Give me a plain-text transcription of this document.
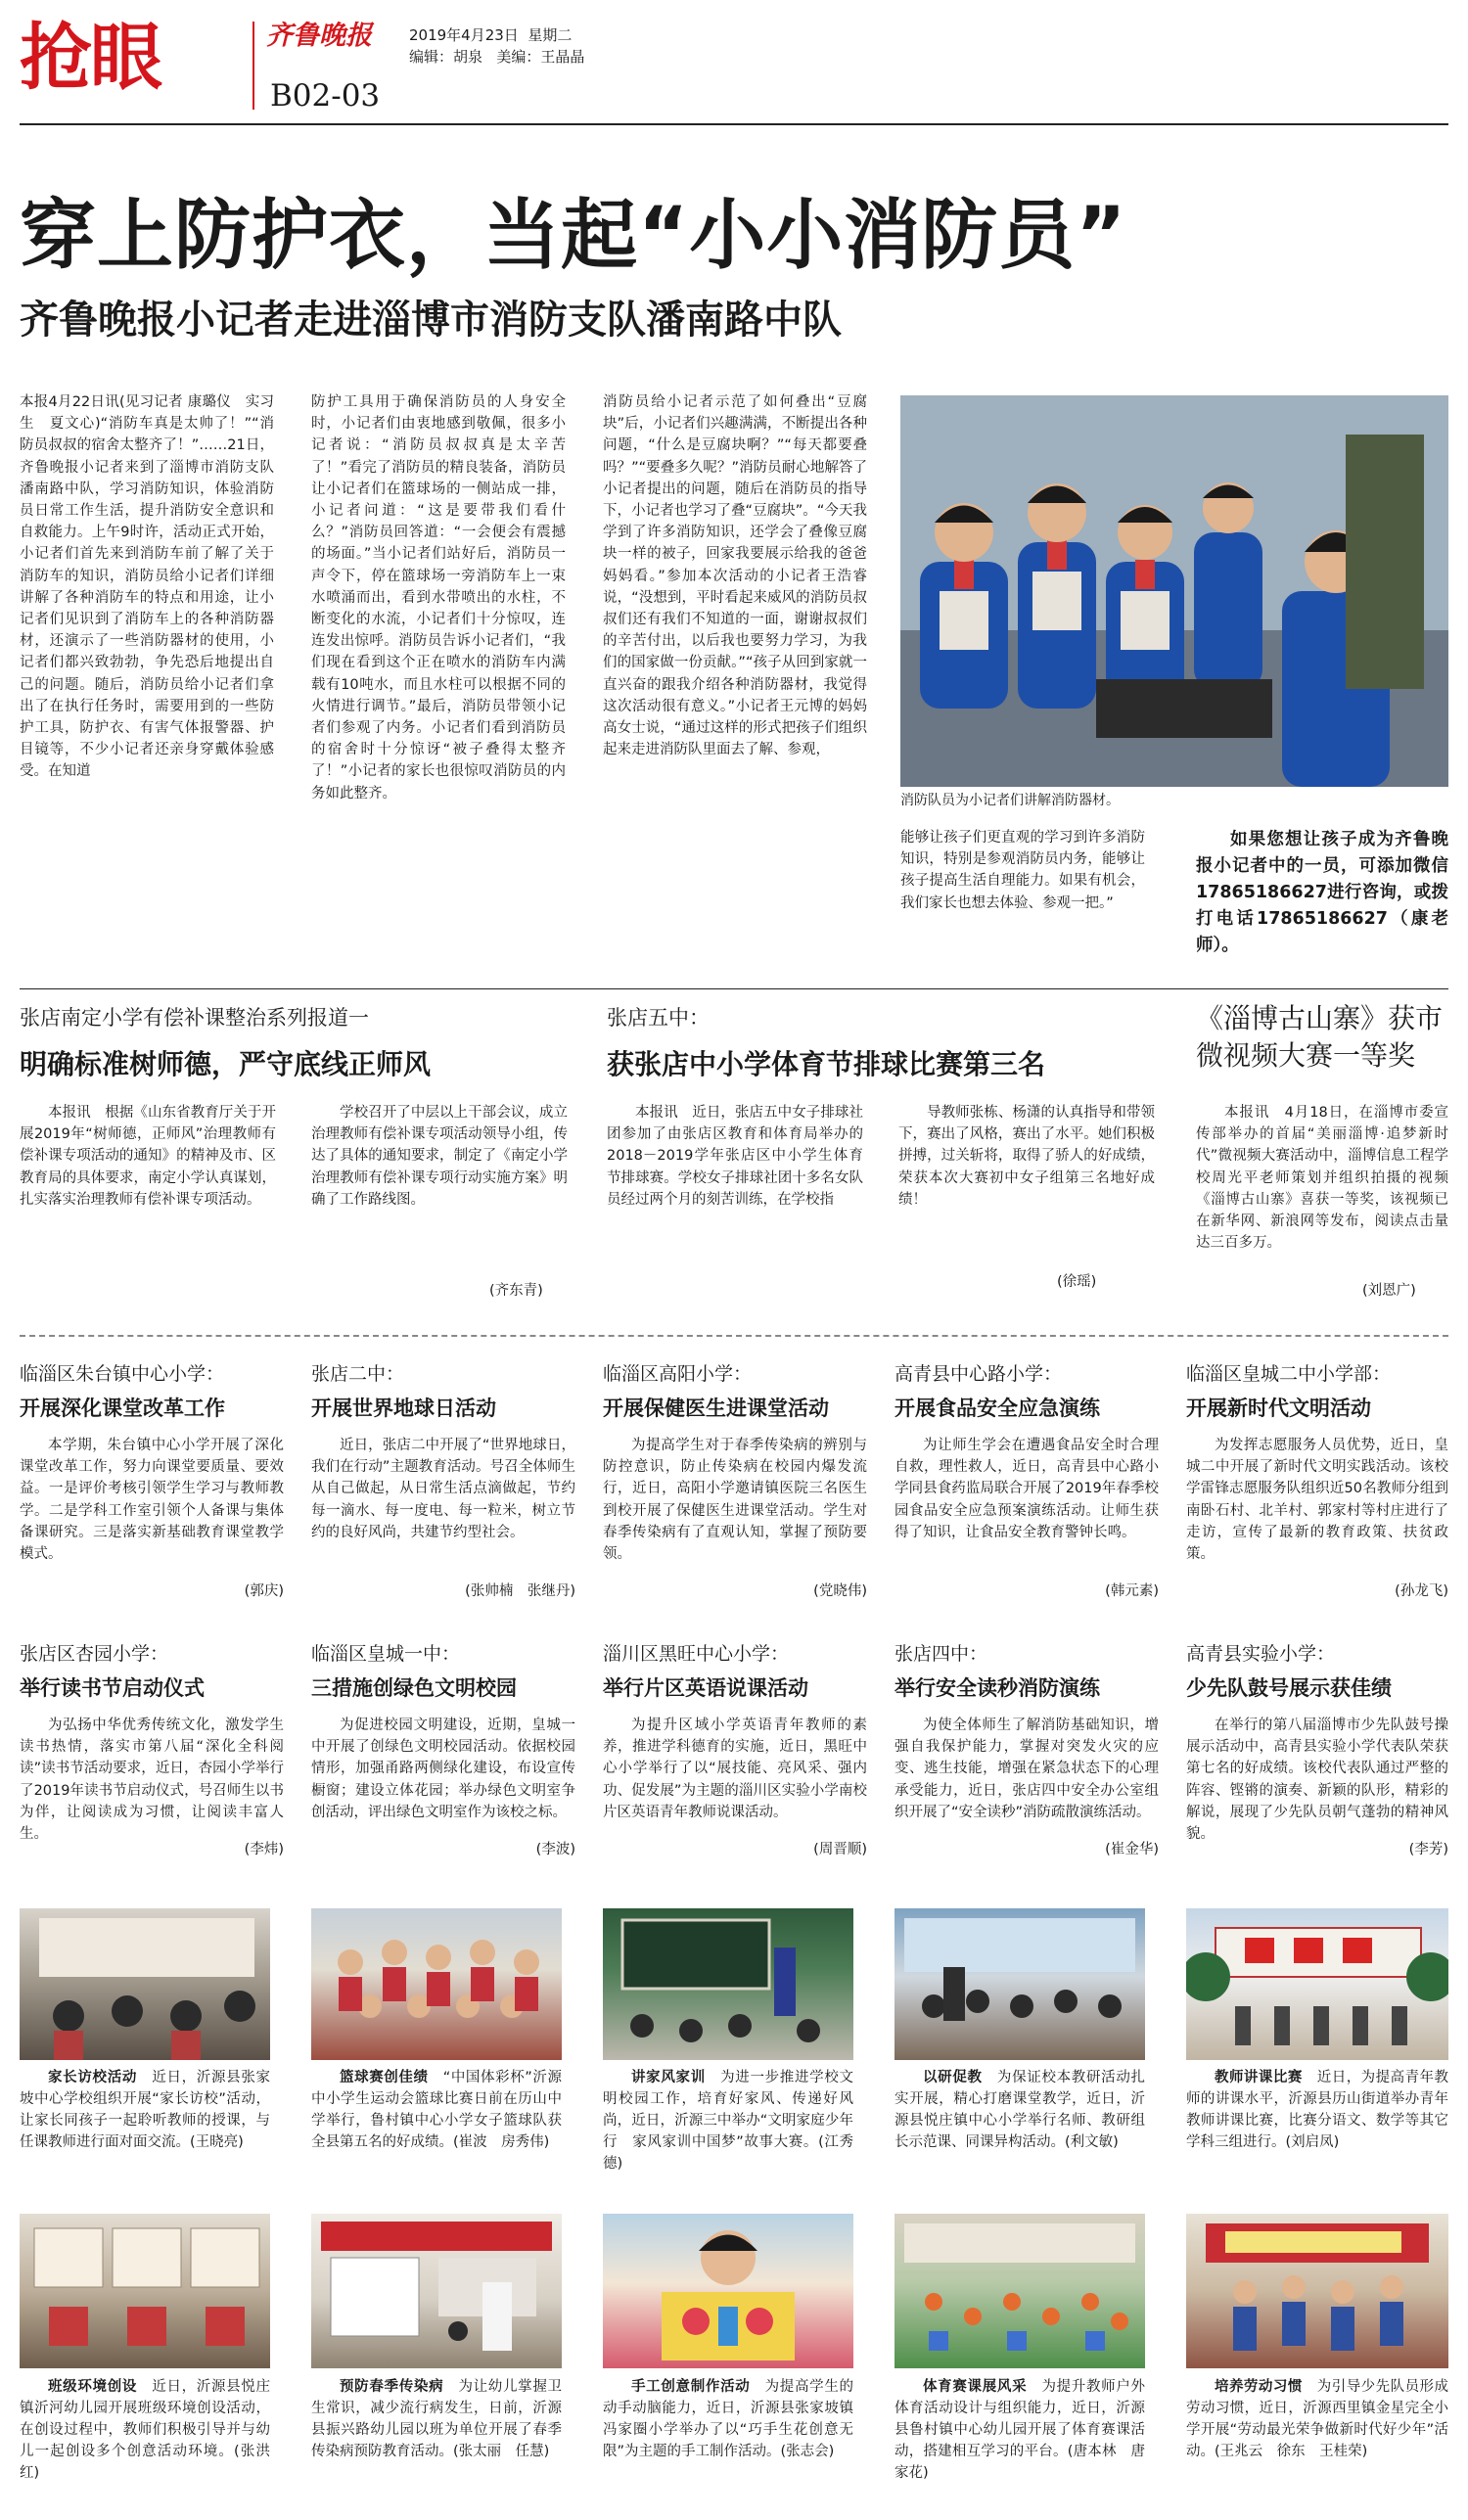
抢眼	齐鲁晚报	2019年4月23日 星期二
编辑：胡泉 美编：王晶晶
B02-03
穿上防护衣，当起“小小消防员”
齐鲁晚报小记者走进淄博市消防支队潘南路中队
本报4月22日讯(见习记者 康璐仪　实习生　夏文心)“消防车真是太帅了！”“消防员叔叔的宿舍太整齐了！”……21日，齐鲁晚报小记者来到了淄博市消防支队潘南路中队，学习消防知识，体验消防员日常工作生活，提升消防安全意识和自救能力。上午9时许，活动正式开始，小记者们首先来到消防车前了解了关于消防车的知识，消防员给小记者们详细讲解了各种消防车的特点和用途，让小记者们见识到了消防车上的各种消防器材，还演示了一些消防器材的使用，小记者们都兴致勃勃，争先恐后地提出自己的问题。随后，消防员给小记者们拿出了在执行任务时，需要用到的一些防护工具，防护衣、有害气体报警器、护目镜等，不少小记者还亲身穿戴体验感受。在知道
防护工具用于确保消防员的人身安全时，小记者们由衷地感到敬佩，很多小记者说：“消防员叔叔真是太辛苦了！”看完了消防员的精良装备，消防员让小记者们在篮球场的一侧站成一排，小记者问道：“这是要带我们看什么？”消防员回答道：“一会便会有震撼的场面。”当小记者们站好后，消防员一声令下，停在篮球场一旁消防车上一束水喷涌而出，看到水带喷出的水柱，不断变化的水流，小记者们十分惊叹，连连发出惊呼。消防员告诉小记者们，“我们现在看到这个正在喷水的消防车内满载有10吨水，而且水柱可以根据不同的火情进行调节。”最后，消防员带领小记者们参观了内务。小记者们看到消防员的宿舍时十分惊讶“被子叠得太整齐了！”小记者的家长也很惊叹消防员的内务如此整齐。
消防员给小记者示范了如何叠出“豆腐块”后，小记者们兴趣满满，不断提出各种问题，“什么是豆腐块啊？”“每天都要叠吗？”“要叠多久呢？”消防员耐心地解答了小记者提出的问题，随后在消防员的指导下，小记者也学习了叠“豆腐块”。“今天我学到了许多消防知识，还学会了叠像豆腐块一样的被子，回家我要展示给我的爸爸妈妈看。”参加本次活动的小记者王浩睿说，“没想到，平时看起来威风的消防员叔叔们还有我们不知道的一面，谢谢叔叔们的辛苦付出，以后我也要努力学习，为我们的国家做一份贡献。”“孩子从回到家就一直兴奋的跟我介绍各种消防器材，我觉得这次活动很有意义。”小记者王元博的妈妈高女士说，“通过这样的形式把孩子们组织起来走进消防队里面去了解、参观，
消防队员为小记者们讲解消防器材。
能够让孩子们更直观的学习到许多消防知识，特别是参观消防员内务，能够让孩子提高生活自理能力。如果有机会，我们家长也想去体验、参观一把。”
如果您想让孩子成为齐鲁晚报小记者中的一员，可添加微信17865186627进行咨询，或拨打电话17865186627（康老师）。
张店南定小学有偿补课整治系列报道一
明确标准树师德，严守底线正师风
本报讯　根据《山东省教育厅关于开展2019年“树师德，正师风”治理教师有偿补课专项活动的通知》的精神及市、区教育局的具体要求，南定小学认真谋划，扎实落实治理教师有偿补课专项活动。
学校召开了中层以上干部会议，成立治理教师有偿补课专项活动领导小组，传达了具体的通知要求，制定了《南定小学治理教师有偿补课专项行动实施方案》明确了工作路线图。
(齐东青)
张店五中：
获张店中小学体育节排球比赛第三名
本报讯　近日，张店五中女子排球社团参加了由张店区教育和体育局举办的2018－2019学年张店区中小学生体育节排球赛。学校女子排球社团十多名女队员经过两个月的刻苦训练，在学校指
导教师张栋、杨潇的认真指导和带领下，赛出了风格，赛出了水平。她们积极拼搏，过关斩将，取得了骄人的好成绩，荣获本次大赛初中女子组第三名地好成绩！
(徐瑶)
《淄博古山寨》获市微视频大赛一等奖
本报讯　4月18日，在淄博市委宣传部举办的首届“美丽淄博·追梦新时代”微视频大赛活动中，淄博信息工程学校周光平老师策划并组织拍摄的视频《淄博古山寨》喜获一等奖，该视频已在新华网、新浪网等发布，阅读点击量达三百多万。
(刘恩广)
临淄区朱台镇中心小学：
开展深化课堂改革工作
本学期，朱台镇中心小学开展了深化课堂改革工作，努力向课堂要质量、要效益。一是评价考核引领学生学习与教师教学。二是学科工作室引领个人备课与集体备课研究。三是落实新基础教育课堂教学模式。
(郭庆)
张店二中：
开展世界地球日活动
近日，张店二中开展了“世界地球日，我们在行动”主题教育活动。号召全体师生从自己做起，从日常生活点滴做起，节约每一滴水、每一度电、每一粒米，树立节约的良好风尚，共建节约型社会。
(张帅楠　张继丹)
临淄区高阳小学：
开展保健医生进课堂活动
为提高学生对于春季传染病的辨别与防控意识，防止传染病在校园内爆发流行，近日，高阳小学邀请镇医院三名医生到校开展了保健医生进课堂活动。学生对春季传染病有了直观认知，掌握了预防要领。
(党晓伟)
高青县中心路小学：
开展食品安全应急演练
为让师生学会在遭遇食品安全时合理自救，理性救人，近日，高青县中心路小学同县食药监局联合开展了2019年春季校园食品安全应急预案演练活动。让师生获得了知识，让食品安全教育警钟长鸣。
(韩元素)
临淄区皇城二中小学部：
开展新时代文明活动
为发挥志愿服务人员优势，近日，皇城二中开展了新时代文明实践活动。该校学雷锋志愿服务队组织近50名教师分组到南卧石村、北羊村、郭家村等村庄进行了走访，宣传了最新的教育政策、扶贫政策。
(孙龙飞)
张店区杏园小学：
举行读书节启动仪式
为弘扬中华优秀传统文化，激发学生读书热情，落实市第八届“深化全科阅读”读书节活动要求，近日，杏园小学举行了2019年读书节启动仪式，号召师生以书为伴，让阅读成为习惯，让阅读丰富人生。
(李炜)
临淄区皇城一中：
三措施创绿色文明校园
为促进校园文明建设，近期，皇城一中开展了创绿色文明校园活动。依据校园情形，加强甬路两侧绿化建设，布设宣传橱窗；建设立体花园；举办绿色文明室争创活动，评出绿色文明室作为该校之标。
(李波)
淄川区黑旺中心小学：
举行片区英语说课活动
为提升区域小学英语青年教师的素养，推进学科德育的实施，近日，黑旺中心小学举行了以“展技能、亮风采、强内功、促发展”为主题的淄川区实验小学南校片区英语青年教师说课活动。
(周晋顺)
张店四中：
举行安全读秒消防演练
为使全体师生了解消防基础知识，增强自我保护能力，掌握对突发火灾的应变、逃生技能，增强在紧急状态下的心理承受能力，近日，张店四中安全办公室组织开展了“安全读秒”消防疏散演练活动。
(崔金华)
高青县实验小学：
少先队鼓号展示获佳绩
在举行的第八届淄博市少先队鼓号操展示活动中，高青县实验小学代表队荣获第七名的好成绩。该校代表队通过严整的阵容、铿锵的演奏、新颖的队形，精彩的解说，展现了少先队员朝气蓬勃的精神风貌。
(李芳)
家长访校活动　 近日，沂源县张家坡中心学校组织开展“家长访校”活动，让家长同孩子一起聆听教师的授课，与任课教师进行面对面交流。(王晓亮)
篮球赛创佳绩　 “中国体彩杯”沂源中小学生运动会篮球比赛日前在历山中学举行，鲁村镇中心小学女子篮球队获全县第五名的好成绩。(崔波　房秀伟)
讲家风家训　 为进一步推进学校文明校园工作，培育好家风、传递好风尚，近日，沂源三中举办“文明家庭少年行　家风家训中国梦”故事大赛。(江秀德)
以研促教　 为保证校本教研活动扎实开展，精心打磨课堂教学，近日，沂源县悦庄镇中心小学举行名师、教研组长示范课、同课异构活动。(利文敏)
教师讲课比赛　 近日，为提高青年教师的讲课水平，沂源县历山街道举办青年教师讲课比赛，比赛分语文、数学等其它学科三组进行。(刘启凤)
班级环境创设　 近日，沂源县悦庄镇沂河幼儿园开展班级环境创设活动，在创设过程中，教师们积极引导并与幼儿一起创设多个创意活动环境。(张洪红)
预防春季传染病　 为让幼儿掌握卫生常识，减少流行病发生，日前，沂源县振兴路幼儿园以班为单位开展了春季传染病预防教育活动。(张太丽　任慧)
手工创意制作活动　 为提高学生的动手动脑能力，近日，沂源县张家坡镇冯家圈小学举办了以“巧手生花创意无限”为主题的手工制作活动。(张志会)
体育赛课展风采　 为提升教师户外体育活动设计与组织能力，近日，沂源县鲁村镇中心幼儿园开展了体育赛课活动，搭建相互学习的平台。(唐本林　唐家花)
培养劳动习惯　 为引导少先队员形成劳动习惯，近日，沂源西里镇金星完全小学开展“劳动最光荣争做新时代好少年”活动。(王兆云　徐东　王桂荣)
